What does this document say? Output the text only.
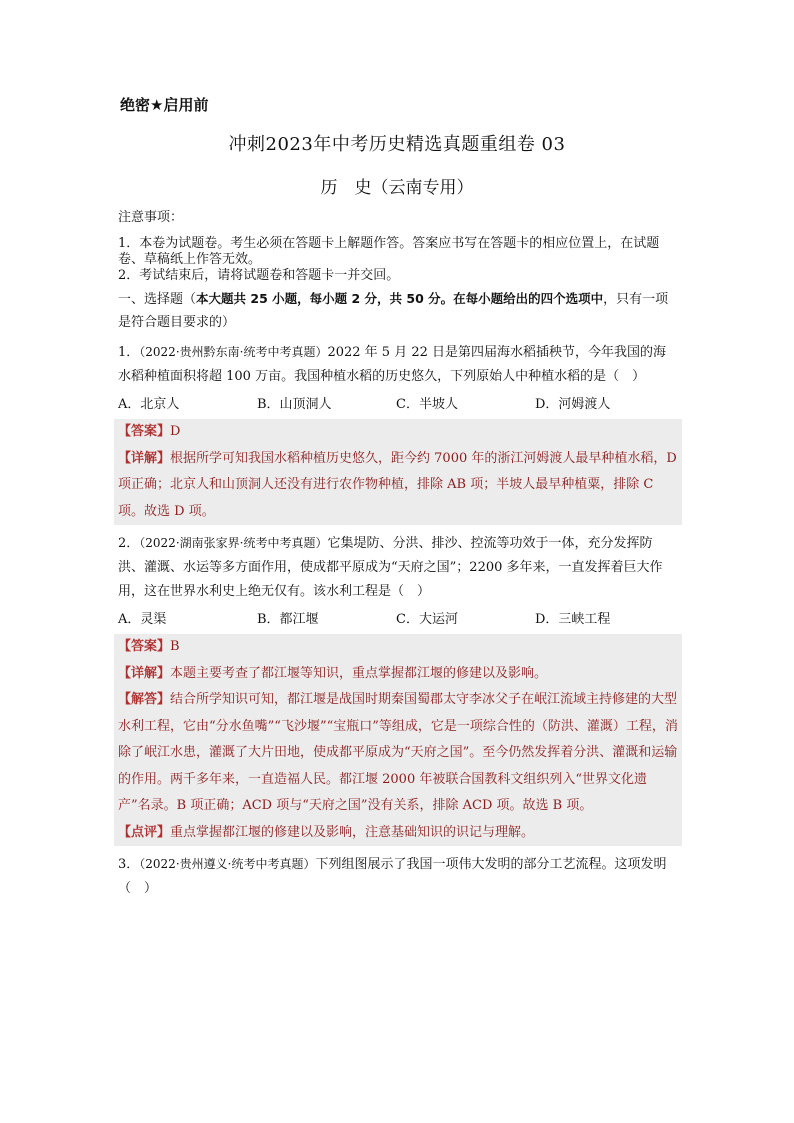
绝密★启用前
冲刺2023年中考历史精选真题重组卷 03
历　史（云南专用）

注意事项：

1．本卷为试题卷。考生必须在答题卡上解题作答。答案应书写在答题卡的相应位置上，在试题卷、草稿纸上作答无效。

2．考试结束后，请将试题卷和答题卡一并交回。

一、选择题（本大题共 25 小题，每小题 2 分，共 50 分。在每小题给出的四个选项中，只有一项是符合题目要求的）

1．（2022·贵州黔东南·统考中考真题）2022 年 5 月 22 日是第四届海水稻插秧节，今年我国的海水稻种植面积将超 100 万亩。我国种植水稻的历史悠久，下列原始人中种植水稻的是（　）

A．北京人	B．山顶洞人	C．半坡人	D．河姆渡人

【答案】D

【详解】根据所学可知我国水稻种植历史悠久，距今约 7000 年的浙江河姆渡人最早种植水稻，D 项正确；北京人和山顶洞人还没有进行农作物种植，排除 AB 项；半坡人最早种植粟，排除 C 项。故选 D 项。

2．（2022·湖南张家界·统考中考真题）它集堤防、分洪、排沙、控流等功效于一体，充分发挥防洪、灌溉、水运等多方面作用，使成都平原成为“天府之国”；2200 多年来，一直发挥着巨大作用，这在世界水利史上绝无仅有。该水利工程是（　）

A．灵渠	B．都江堰	C．大运河	D．三峡工程

【答案】B

【详解】本题主要考查了都江堰等知识，重点掌握都江堰的修建以及影响。

【解答】结合所学知识可知，都江堰是战国时期秦国蜀郡太守李冰父子在岷江流域主持修建的大型水利工程，它由“分水鱼嘴”“飞沙堰”“宝瓶口”等组成，它是一项综合性的（防洪、灌溉）工程，消除了岷江水患，灌溉了大片田地，使成都平原成为“天府之国”。至今仍然发挥着分洪、灌溉和运输的作用。两千多年来，一直造福人民。都江堰 2000 年被联合国教科文组织列入“世界文化遗产”名录。B 项正确；ACD 项与“天府之国”没有关系，排除 ACD 项。故选 B 项。

【点评】重点掌握都江堰的修建以及影响，注意基础知识的识记与理解。

3．（2022·贵州遵义·统考中考真题）下列组图展示了我国一项伟大发明的部分工艺流程。这项发明（　）
